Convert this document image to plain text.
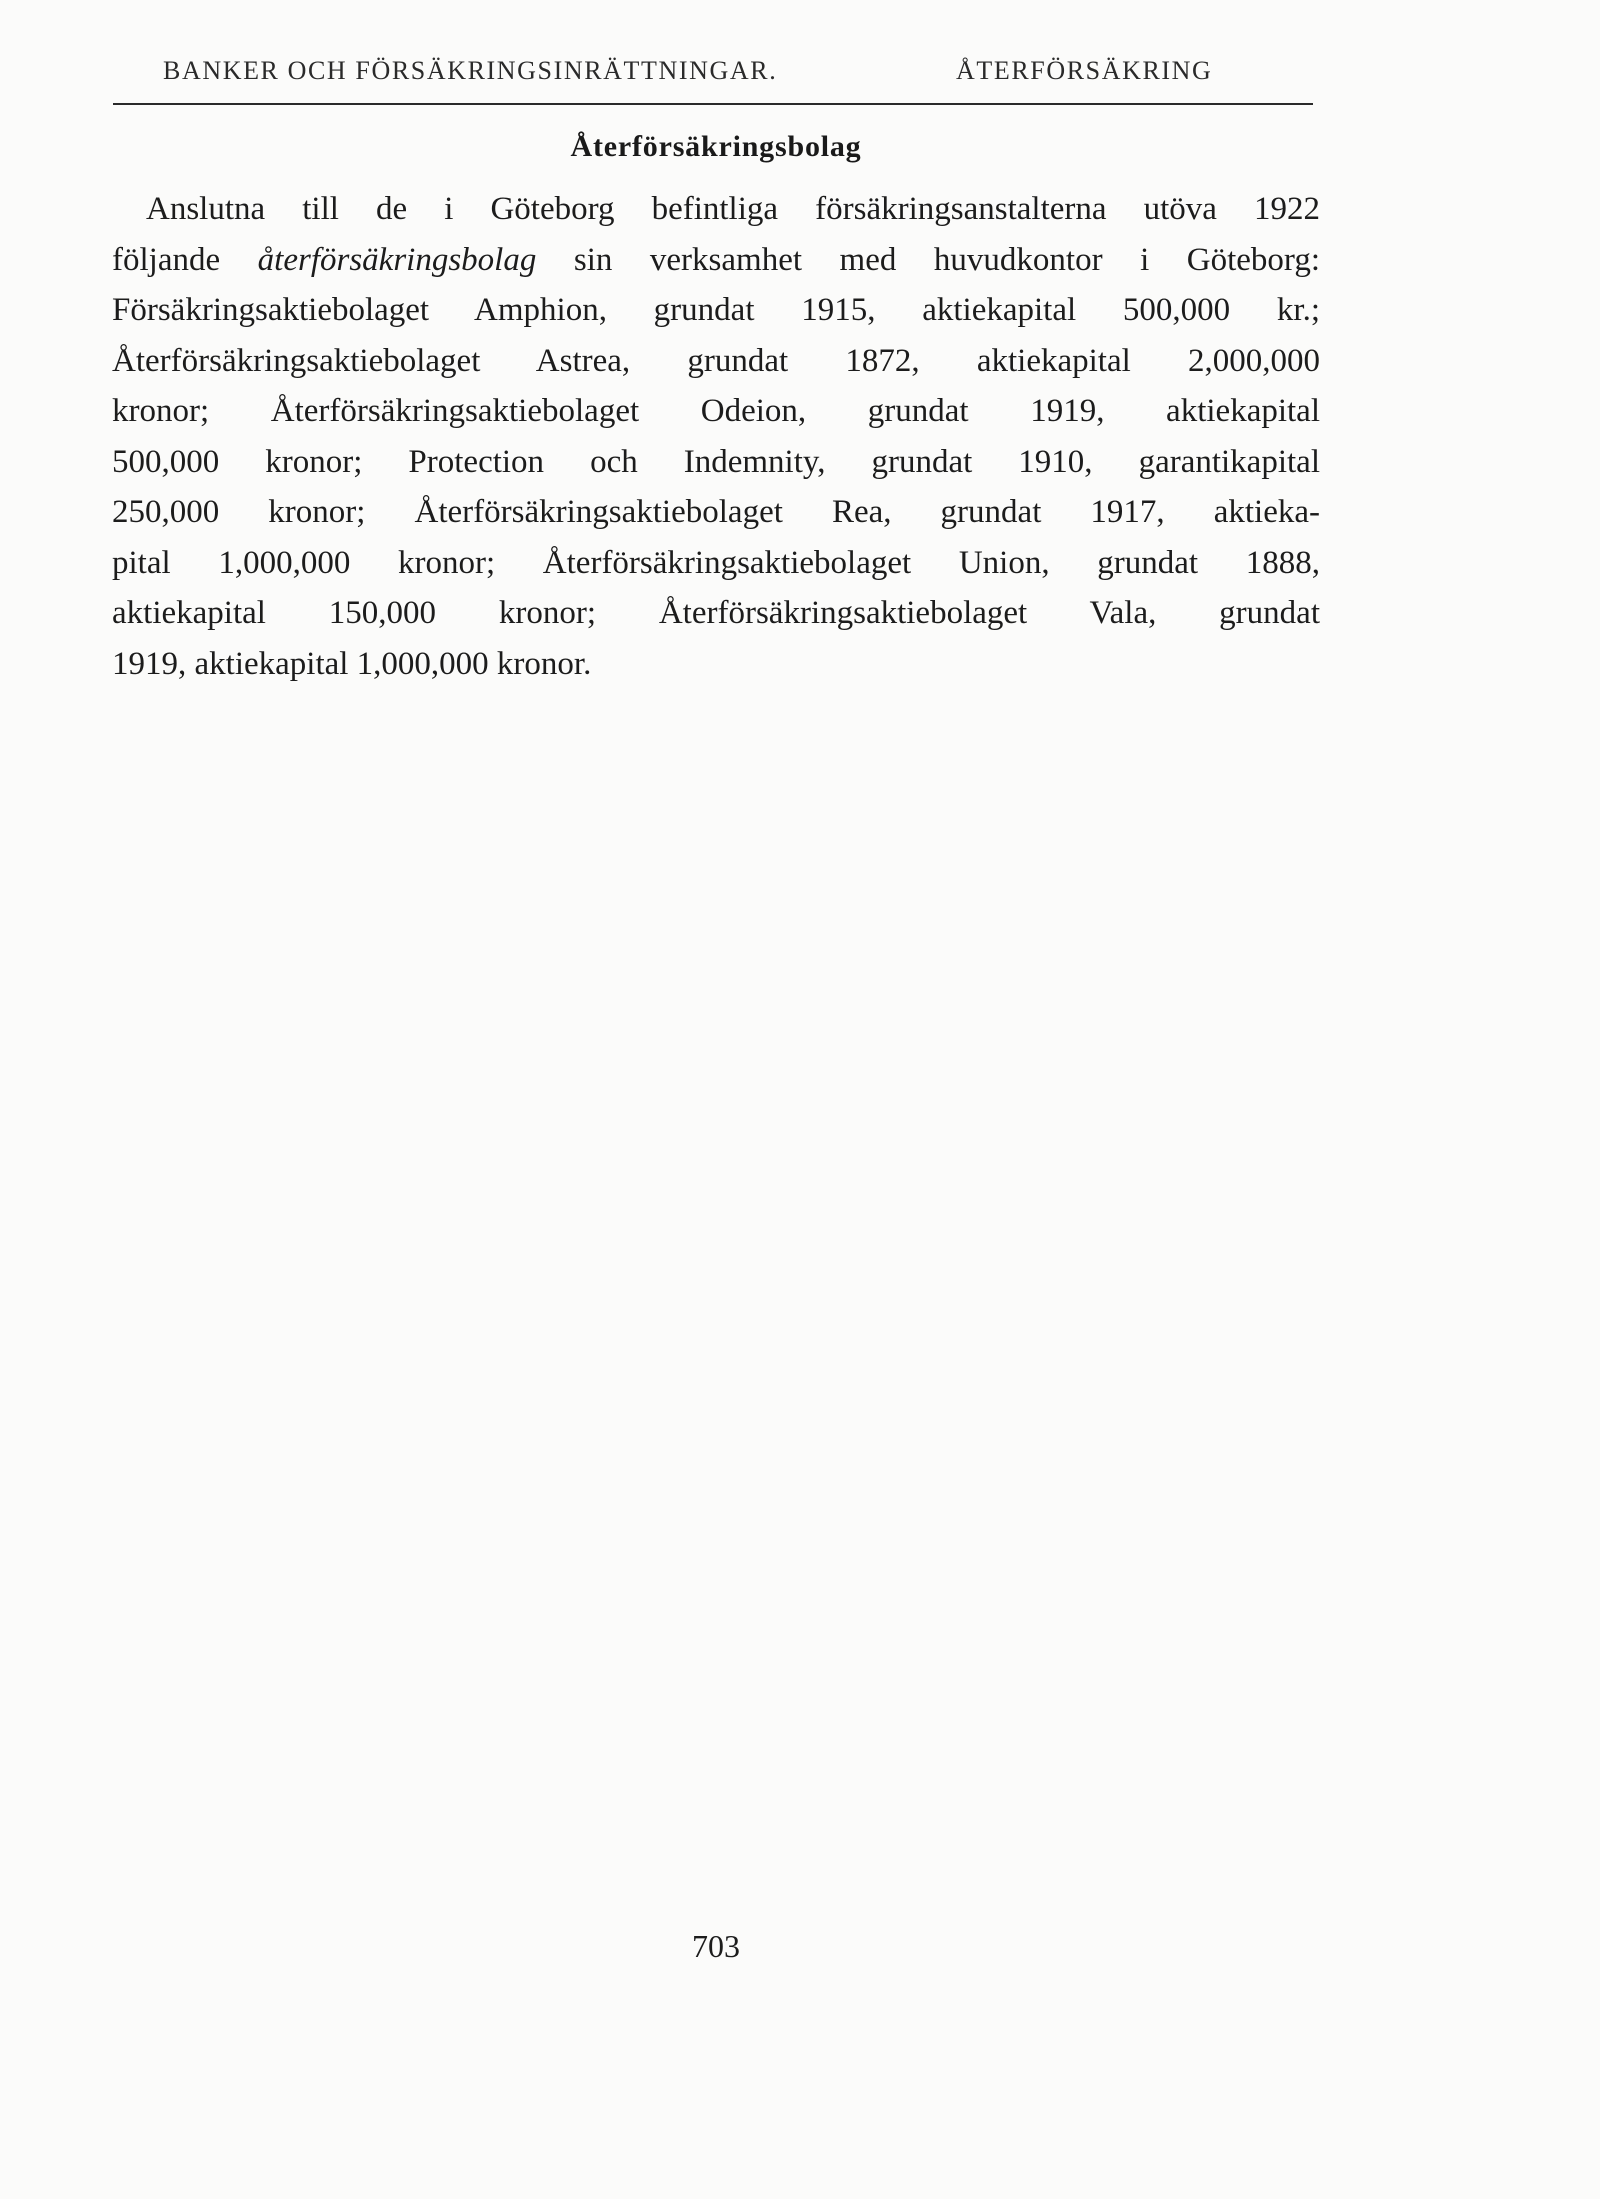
BANKER OCH FÖRSÄKRINGSINRÄTTNINGAR.	ÅTERFÖRSÄKRING
Återförsäkringsbolag
Anslutna till de i Göteborg befintliga försäkringsanstalterna utöva 1922
följande återförsäkringsbolag sin verksamhet med huvudkontor i Göteborg:
Försäkringsaktiebolaget Amphion, grundat 1915, aktiekapital 500,000 kr.;
Återförsäkringsaktiebolaget Astrea, grundat 1872, aktiekapital 2,000,000
kronor; Återförsäkringsaktiebolaget Odeion, grundat 1919, aktiekapital
500,000 kronor; Protection och Indemnity, grundat 1910, garantikapital
250,000 kronor; Återförsäkringsaktiebolaget Rea, grundat 1917, aktieka-
pital 1,000,000 kronor; Återförsäkringsaktiebolaget Union, grundat 1888,
aktiekapital 150,000 kronor; Återförsäkringsaktiebolaget Vala, grundat
1919, aktiekapital 1,000,000 kronor.
703
